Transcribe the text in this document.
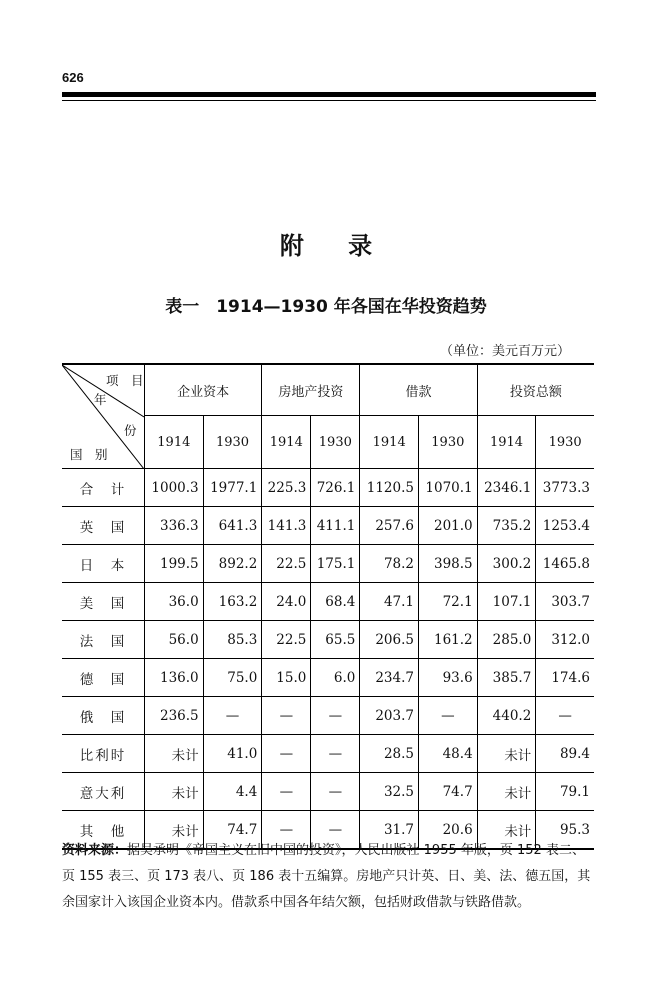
626
附 录
表一　1914—1930 年各国在华投资趋势
（单位：美元百万元）
项　目
年
份
国　别	企业资本		房地产投资		借款		投资总额	
	1914	1930	1914	1930	1914	1930	1914	1930
合　计	1000.3	1977.1	225.3	726.1	1120.5	1070.1	2346.1	3773.3
英　国	336.3	641.3	141.3	411.1	257.6	201.0	735.2	1253.4
日　本	199.5	892.2	22.5	175.1	78.2	398.5	300.2	1465.8
美　国	36.0	163.2	24.0	68.4	47.1	72.1	107.1	303.7
法　国	56.0	85.3	22.5	65.5	206.5	161.2	285.0	312.0
德　国	136.0	75.0	15.0	6.0	234.7	93.6	385.7	174.6
俄　国	236.5	—	—	—	203.7	—	440.2	—
比利时	未计	41.0	—	—	28.5	48.4	未计	89.4
意大利	未计	4.4	—	—	32.5	74.7	未计	79.1
其　他	未计	74.7	—	—	31.7	20.6	未计	95.3
资料来源：据吴承明《帝国主义在旧中国的投资》，人民出版社 1955 年版，页 152 表二、页 155 表三、页 173 表八、页 186 表十五编算。房地产只计英、日、美、法、德五国，其余国家计入该国企业资本内。借款系中国各年结欠额，包括财政借款与铁路借款。
